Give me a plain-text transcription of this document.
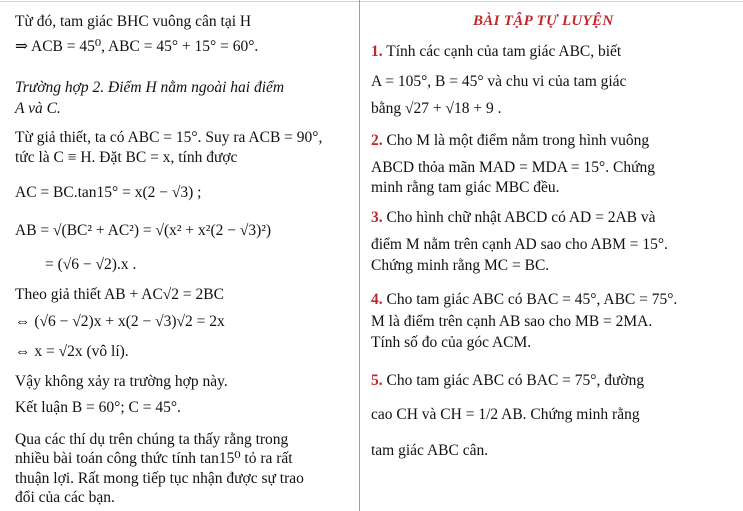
Từ đó, tam giác BHC vuông cân tại H
⇒ ACB = 45⁰, ABC = 45° + 15° = 60°.
Trường hợp 2. Điểm H nằm ngoài hai điểm
A và C.
Từ giả thiết, ta có ABC = 15°. Suy ra ACB = 90°,
tức là C ≡ H. Đặt BC = x, tính được
AC = BC.tan15° = x(2 − √3) ;
AB = √(BC² + AC²) = √(x² + x²(2 − √3)²)
= (√6 − √2).x .
Theo giả thiết AB + AC√2 = 2BC
⇔ (√6 − √2)x + x(2 − √3)√2 = 2x
⇔ x = √2x (vô lí).
Vậy không xảy ra trường hợp này.
Kết luận B = 60°; C = 45°.
Qua các thí dụ trên chúng ta thấy rằng trong
nhiều bài toán công thức tính tan15⁰ tỏ ra rất
thuận lợi. Rất mong tiếp tục nhận được sự trao
đổi của các bạn.
BÀI TẬP TỰ LUYỆN
1. Tính các cạnh của tam giác ABC, biết
A = 105°, B = 45° và chu vi của tam giác
bằng √27 + √18 + 9 .
2. Cho M là một điểm nằm trong hình vuông
ABCD thỏa mãn MAD = MDA = 15°. Chứng
minh rằng tam giác MBC đều.
3. Cho hình chữ nhật ABCD có AD = 2AB và
điểm M nằm trên cạnh AD sao cho ABM = 15°.
Chứng minh rằng MC = BC.
4. Cho tam giác ABC có BAC = 45°, ABC = 75°.
M là điểm trên cạnh AB sao cho MB = 2MA.
Tính số đo của góc ACM.
5. Cho tam giác ABC có BAC = 75°, đường
cao CH và CH = 1/2 AB. Chứng minh rằng
tam giác ABC cân.
